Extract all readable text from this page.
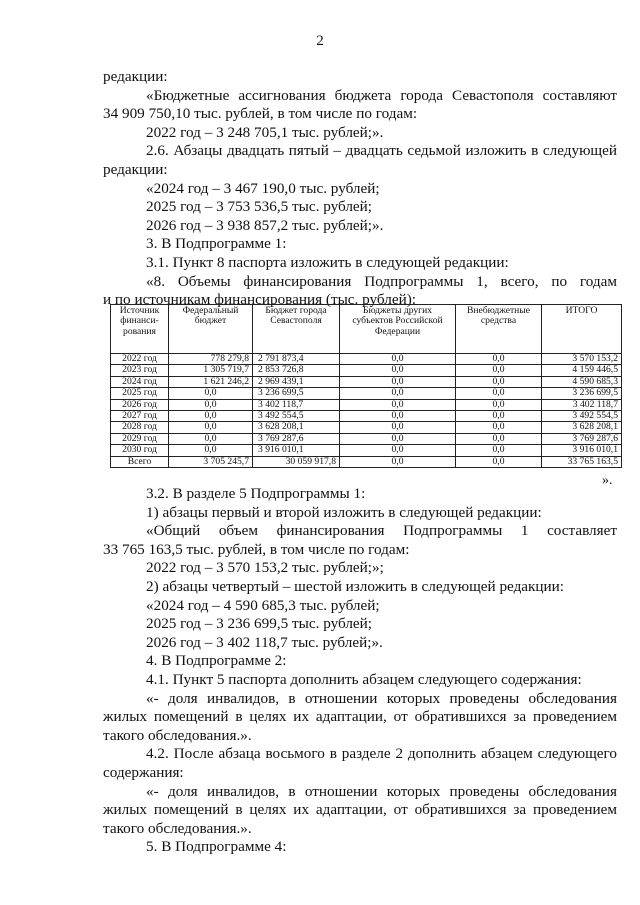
2

редакции:

«Бюджетные ассигнования бюджета города Севастополя составляют

34 909 750,10 тыс. рублей, в том числе по годам:

2022 год – 3 248 705,1 тыс. рублей;».

2.6. Абзацы двадцать пятый – двадцать седьмой изложить в следующей

редакции:

«2024 год – 3 467 190,0 тыс. рублей;

2025 год – 3 753 536,5 тыс. рублей;

2026 год – 3 938 857,2 тыс. рублей;».

3. В Подпрограмме 1:

3.1. Пункт 8 паспорта изложить в следующей редакции:

«8. Объемы финансирования Подпрограммы 1, всего, по годам

и по источникам финансирования (тыс. рублей):

Источник финанси-рования	Федеральный бюджет	Бюджет города Севастополя	Бюджеты других субъектов Российской Федерации	Внебюджетные средства	ИТОГО
2022 год	778 279,8	2 791 873,4	0,0	0,0	3 570 153,2
2023 год	1 305 719,7	2 853 726,8	0,0	0,0	4 159 446,5
2024 год	1 621 246,2	2 969 439,1	0,0	0,0	4 590 685,3
2025 год	0,0	3 236 699,5	0,0	0,0	3 236 699,5
2026 год	0,0	3 402 118,7	0,0	0,0	3 402 118,7
2027 год	0,0	3 492 554,5	0,0	0,0	3 492 554,5
2028 год	0,0	3 628 208,1	0,0	0,0	3 628 208,1
2029 год	0,0	3 769 287,6	0,0	0,0	3 769 287,6
2030 год	0,0	3 916 010,1	0,0	0,0	3 916 010,1
Всего	3 705 245,7	30 059 917,8	0,0	0,0	33 765 163,5
».

3.2. В разделе 5 Подпрограммы 1:

1) абзацы первый и второй изложить в следующей редакции:

«Общий объем финансирования Подпрограммы 1 составляет

33 765 163,5 тыс. рублей, в том числе по годам:

2022 год – 3 570 153,2 тыс. рублей;»;

2) абзацы четвертый – шестой изложить в следующей редакции:

«2024 год – 4 590 685,3 тыс. рублей;

2025 год – 3 236 699,5 тыс. рублей;

2026 год – 3 402 118,7 тыс. рублей;».

4. В Подпрограмме 2:

4.1. Пункт 5 паспорта дополнить абзацем следующего содержания:

«- доля инвалидов, в отношении которых проведены обследования жилых помещений в целях их адаптации, от обратившихся за проведением такого обследования.».

4.2. После абзаца восьмого в разделе 2 дополнить абзацем следующего содержания:

«- доля инвалидов, в отношении которых проведены обследования жилых помещений в целях их адаптации, от обратившихся за проведением такого обследования.».

5. В Подпрограмме 4:
